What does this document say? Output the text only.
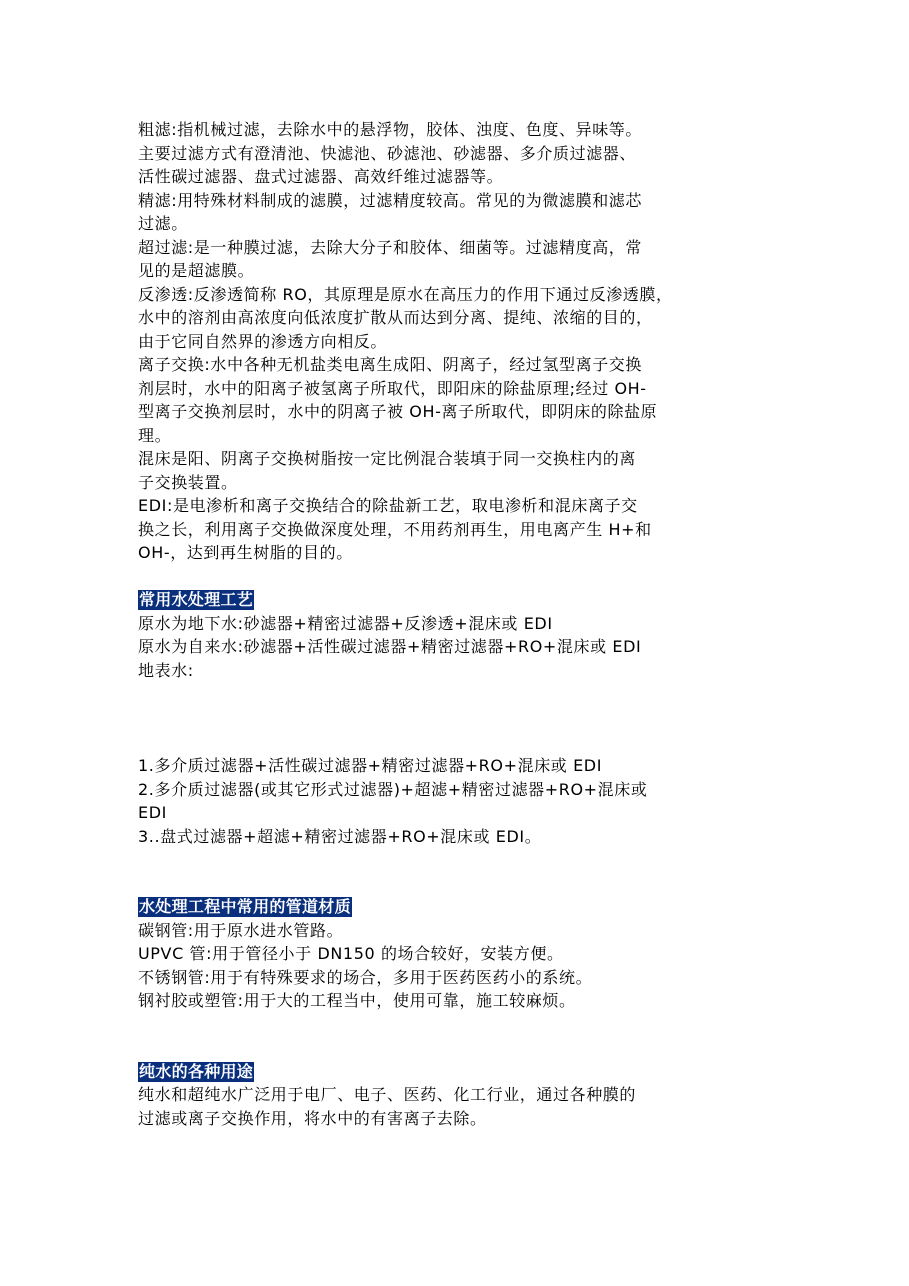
粗滤:指机械过滤，去除水中的悬浮物，胶体、浊度、色度、异味等。
主要过滤方式有澄清池、快滤池、砂滤池、砂滤器、多介质过滤器、
活性碳过滤器、盘式过滤器、高效纤维过滤器等。
精滤:用特殊材料制成的滤膜，过滤精度较高。常见的为微滤膜和滤芯
过滤。
超过滤:是一种膜过滤，去除大分子和胶体、细菌等。过滤精度高，常
见的是超滤膜。
反渗透:反渗透简称 RO，其原理是原水在高压力的作用下通过反渗透膜，
水中的溶剂由高浓度向低浓度扩散从而达到分离、提纯、浓缩的目的，
由于它同自然界的渗透方向相反。
离子交换:水中各种无机盐类电离生成阳、阴离子，经过氢型离子交换
剂层时，水中的阳离子被氢离子所取代，即阳床的除盐原理;经过 OH-
型离子交换剂层时，水中的阴离子被 OH-离子所取代，即阴床的除盐原
理。
混床是阳、阴离子交换树脂按一定比例混合装填于同一交换柱内的离
子交换装置。
EDI:是电渗析和离子交换结合的除盐新工艺，取电渗析和混床离子交
换之长，利用离子交换做深度处理，不用药剂再生，用电离产生 H+和
OH-，达到再生树脂的目的。
常用水处理工艺
原水为地下水:砂滤器+精密过滤器+反渗透+混床或 EDI
原水为自来水:砂滤器+活性碳过滤器+精密过滤器+RO+混床或 EDI
地表水:
1.多介质过滤器+活性碳过滤器+精密过滤器+RO+混床或 EDI
2.多介质过滤器(或其它形式过滤器)+超滤+精密过滤器+RO+混床或
EDI
3..盘式过滤器+超滤+精密过滤器+RO+混床或 EDI。
水处理工程中常用的管道材质
碳钢管:用于原水进水管路。
UPVC 管:用于管径小于 DN150 的场合较好，安装方便。
不锈钢管:用于有特殊要求的场合，多用于医药医药小的系统。
钢衬胶或塑管:用于大的工程当中，使用可靠，施工较麻烦。
纯水的各种用途
纯水和超纯水广泛用于电厂、电子、医药、化工行业，通过各种膜的
过滤或离子交换作用，将水中的有害离子去除。
